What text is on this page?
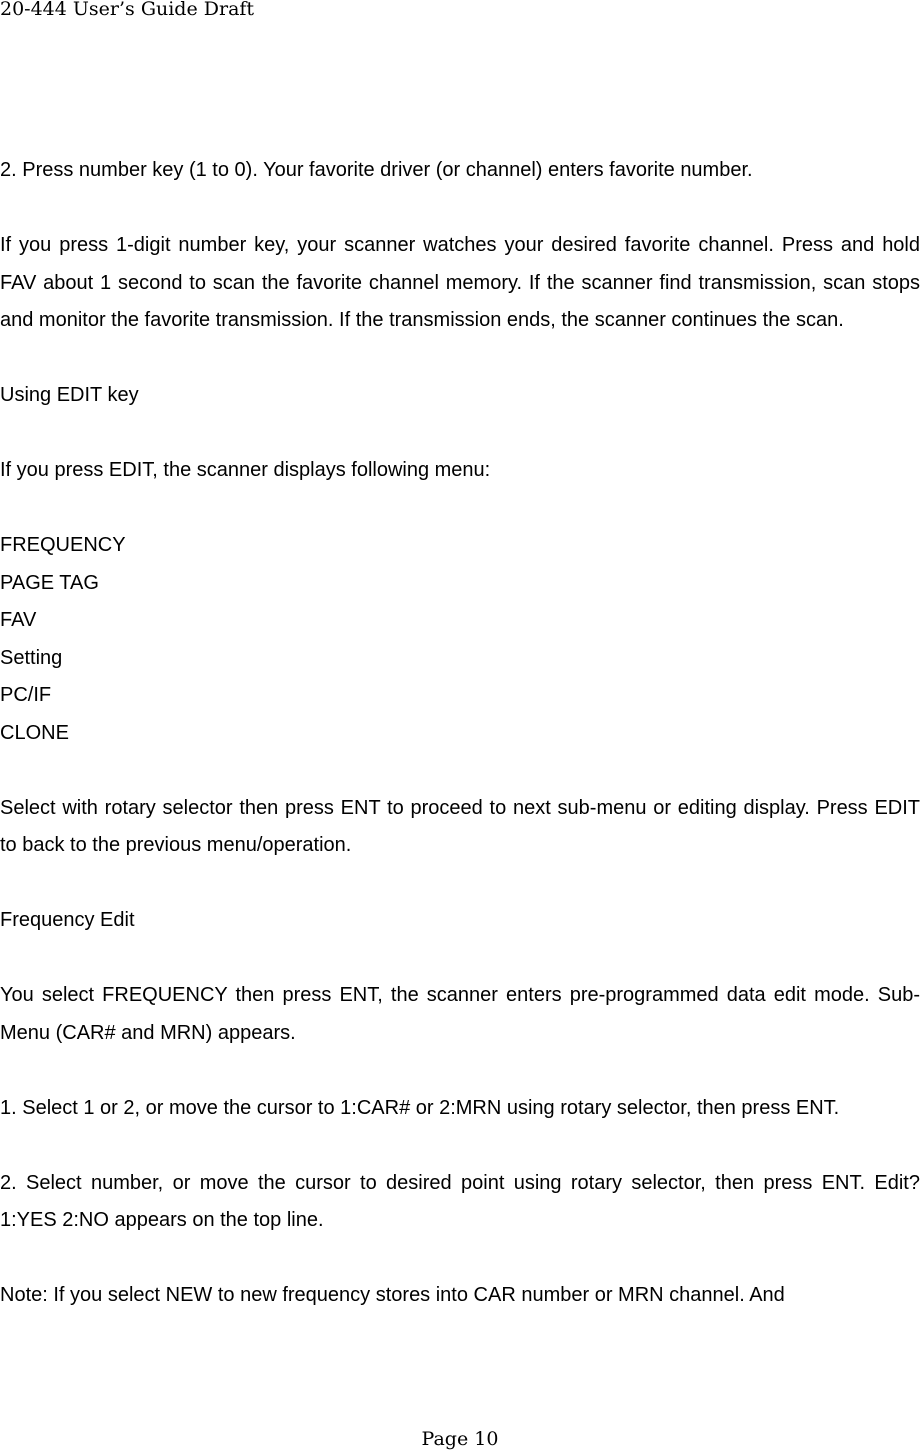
20-444 User’s Guide Draft

2. Press number key (1 to 0). Your favorite driver (or channel) enters favorite number.

If you press 1-digit number key, your scanner watches your desired favorite channel. Press and hold FAV about 1 second to scan the favorite channel memory. If the scanner find transmission, scan stops and monitor the favorite transmission. If the transmission ends, the scanner continues the scan.

Using EDIT key

If you press EDIT, the scanner displays following menu:

FREQUENCY
PAGE TAG
FAV
Setting
PC/IF
CLONE

Select with rotary selector then press ENT to proceed to next sub-menu or editing display. Press EDIT to back to the previous menu/operation.

Frequency Edit

You select FREQUENCY then press ENT, the scanner enters pre-programmed data edit mode. Sub-Menu (CAR# and MRN) appears.

1. Select 1 or 2, or move the cursor to 1:CAR# or 2:MRN using rotary selector, then press ENT.

2. Select number, or move the cursor to desired point using rotary selector, then press ENT. Edit? 1:YES 2:NO appears on the top line.

Note: If you select NEW to new frequency stores into CAR number or MRN channel. And

Page 10
